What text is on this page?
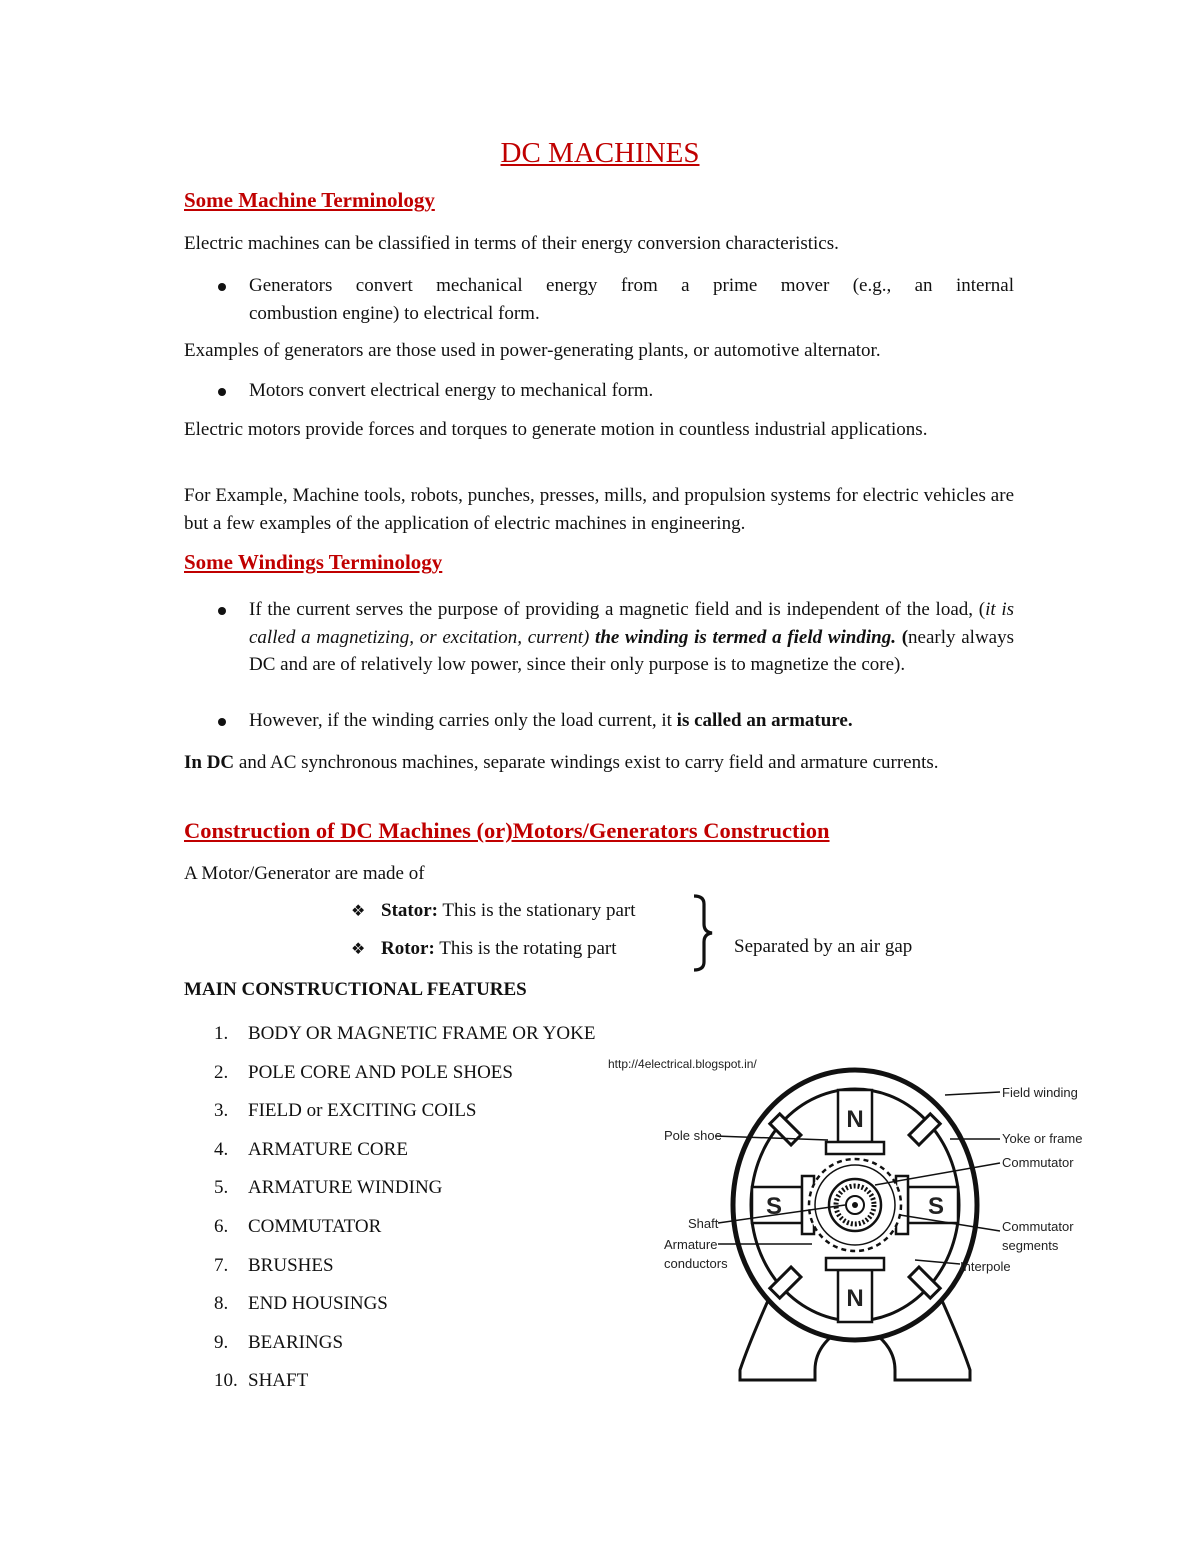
DC MACHINES
Some Machine Terminology

Electric machines can be classified in terms of their energy conversion characteristics.

Generators convert mechanical energy from a prime mover (e.g., an internal
combustion engine) to electrical form.

Examples of generators are those used in power-generating plants, or automotive alternator.

Motors convert electrical energy to mechanical form.

Electric motors provide forces and torques to generate motion in countless industrial applications.

For Example, Machine tools, robots, punches, presses, mills, and propulsion systems for electric vehicles are but a few examples of the application of electric machines in engineering.

Some Windings Terminology
If the current serves the purpose of providing a magnetic field and is independent of the load, (it is called a magnetizing, or excitation, current) the winding is termed a field winding. (nearly always DC and are of relatively low power, since their only purpose is to magnetize the core).
However, if the winding carries only the load current, it is called an armature.

In DC and AC synchronous machines, separate windings exist to carry field and armature currents.

Construction of DC Machines (or)Motors/Generators Construction

A Motor/Generator are made of

❖ Stator: This is the stationary part
❖ Rotor: This is the rotating part	Separated by an air gap
MAIN CONSTRUCTIONAL FEATURES
1. BODY OR MAGNETIC FRAME OR YOKE
2. POLE CORE AND POLE SHOES
3. FIELD or EXCITING COILS
4. ARMATURE CORE
5. ARMATURE WINDING
6. COMMUTATOR
7. BRUSHES
8. END HOUSINGS
9. BEARINGS
10. SHAFT
http://4electrical.blogspot.in/
N
N
S	S
Field winding
Pole shoe	Yoke or frame
Commutator
Shaft
Armature
conductors
Commutator
segments
Interpole
